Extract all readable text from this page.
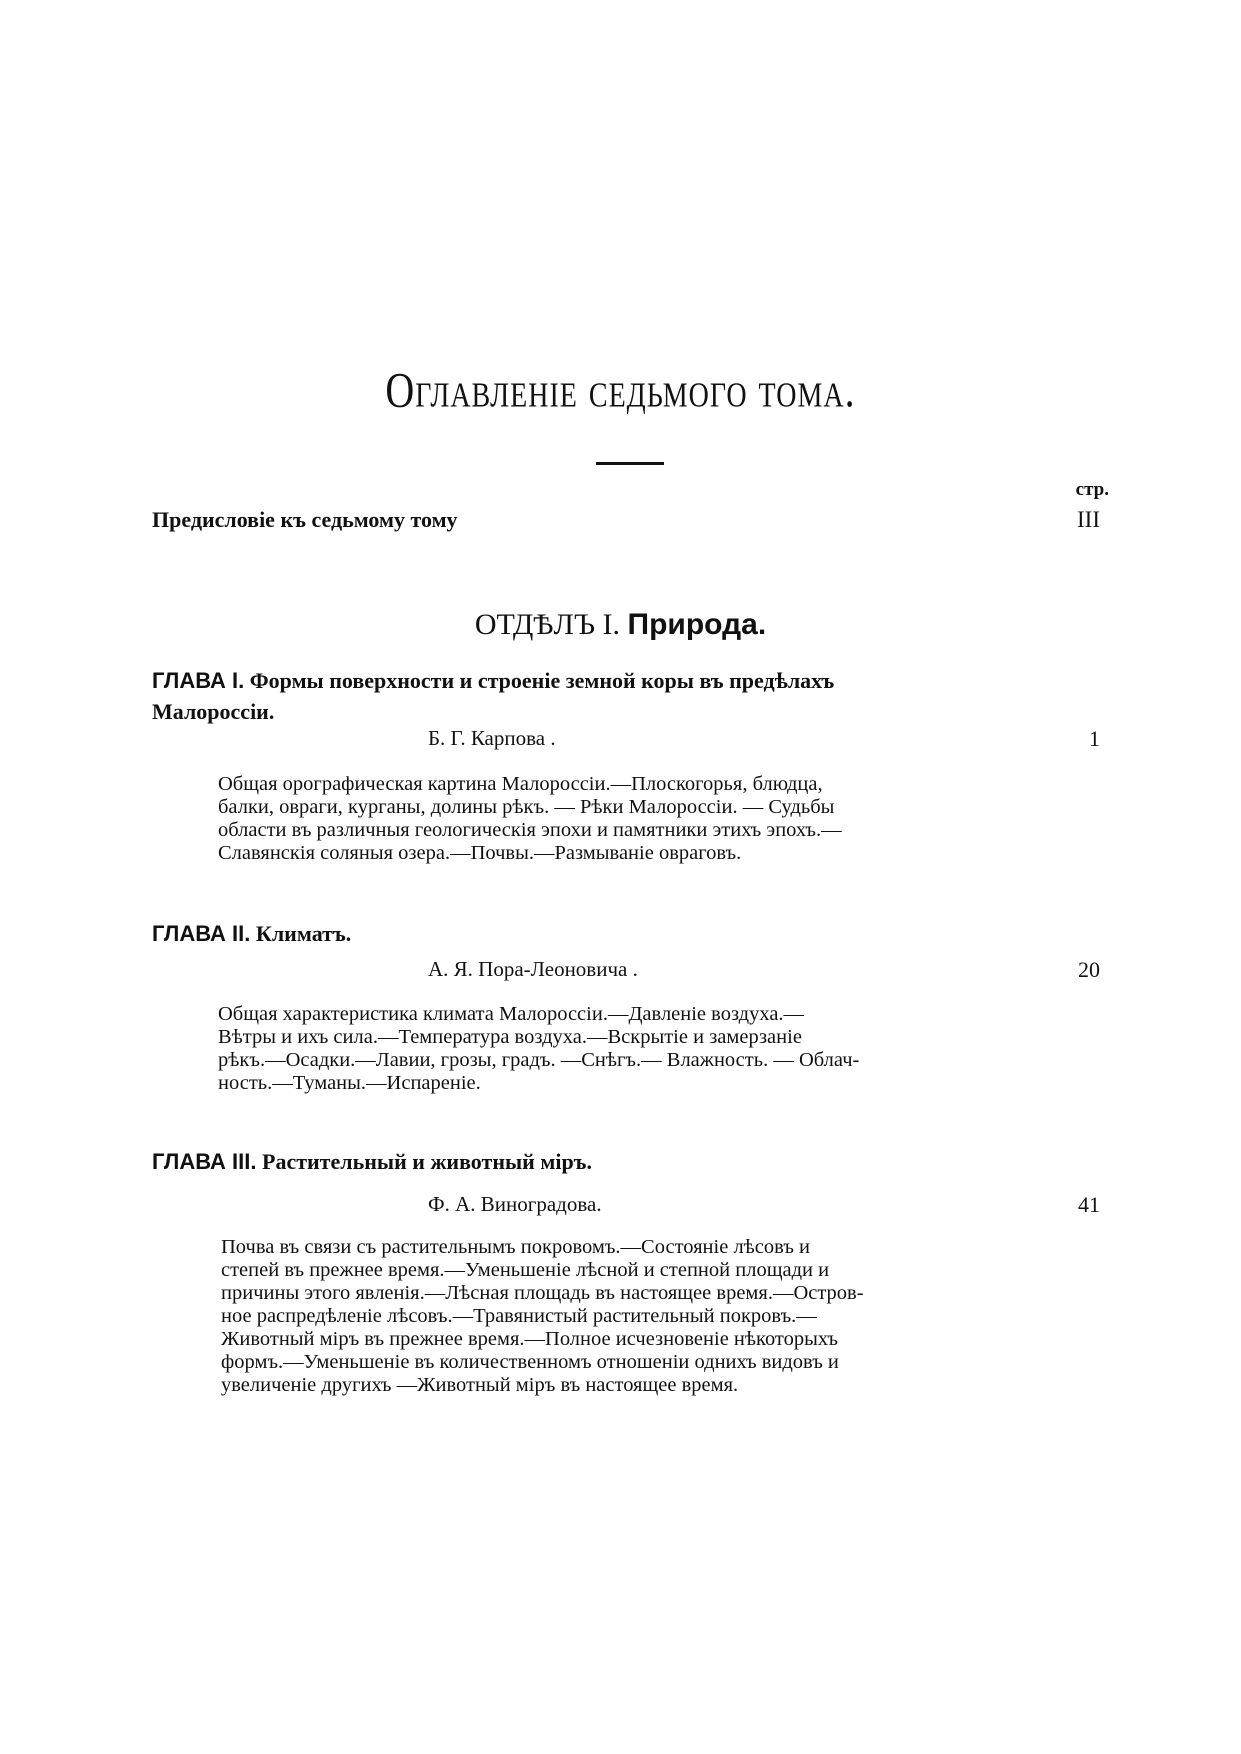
Оглавленіе седьмого тома.
стр.
Предисловіе къ седьмому тому	III
ОТДѢЛЪ I. Природа.
ГЛАВА I. Формы поверхности и строеніе земной коры въ предѣлахъ
Малороссіи.
Б. Г. Карпова .	1
Общая орографическая картина Малороссіи.—Плоскогорья, блюдца,
балки, овраги, курганы, долины рѣкъ. — Рѣки Малороссіи. — Судьбы
области въ различныя геологическія эпохи и памятники этихъ эпохъ.—
Славянскія соляныя озера.—Почвы.—Размываніе овраговъ.
ГЛАВА II. Климатъ.
А. Я. Пора-Леоновича .	20
Общая характеристика климата Малороссіи.—Давленіе воздуха.—
Вѣтры и ихъ сила.—Температура воздуха.—Вскрытіе и замерзаніе
рѣкъ.—Осадки.—Лавии, грозы, градъ. —Снѣгъ.— Влажность. — Облач-
ность.—Туманы.—Испареніе.
ГЛАВА III. Растительный и животный міръ.
Ф. А. Виноградова.	41
Почва въ связи съ растительнымъ покровомъ.—Состояніе лѣсовъ и
степей въ прежнее время.—Уменьшеніе лѣсной и степной площади и
причины этого явленія.—Лѣсная площадь въ настоящее время.—Остров-
ное распредѣленіе лѣсовъ.—Травянистый растительный покровъ.—
Животный міръ въ прежнее время.—Полное исчезновеніе нѣкоторыхъ
формъ.—Уменьшеніе въ количественномъ отношеніи однихъ видовъ и
увеличеніе другихъ —Животный міръ въ настоящее время.
